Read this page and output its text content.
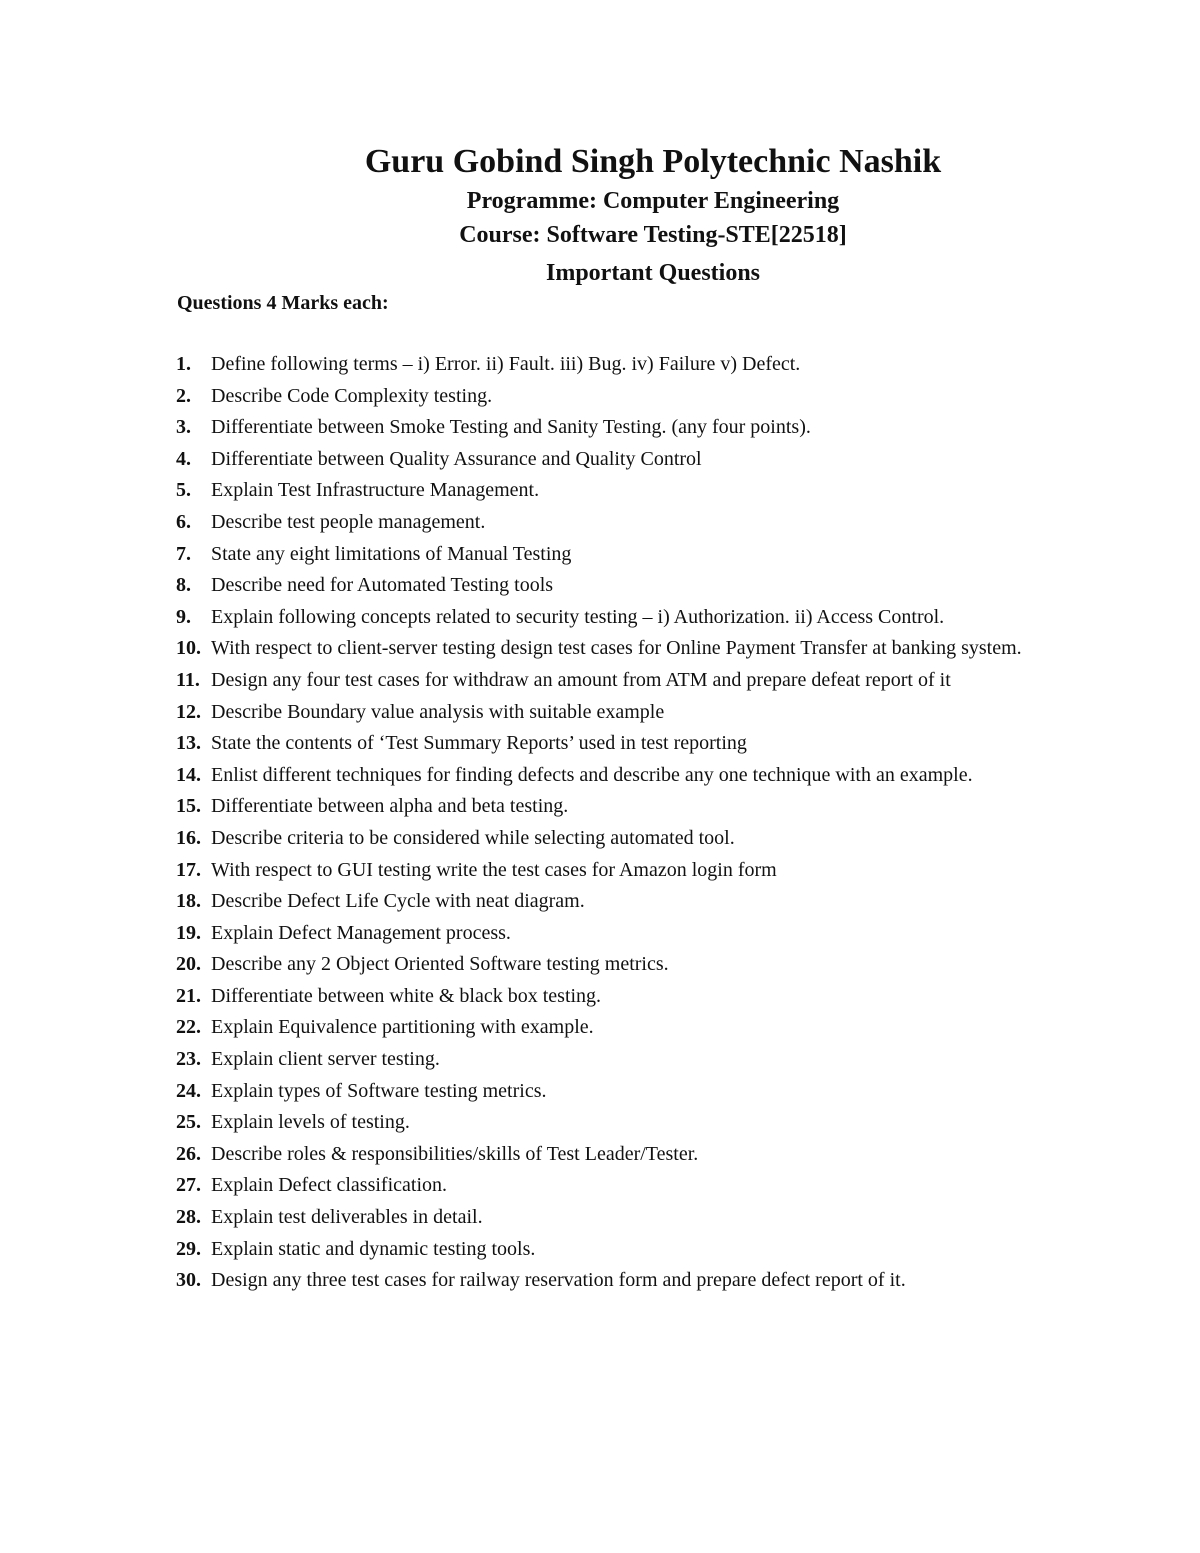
Guru Gobind Singh Polytechnic Nashik

Programme: Computer Engineering

Course: Software Testing-STE[22518]

Important Questions

Questions 4 Marks each:

1.	Define following terms – i) Error. ii) Fault. iii) Bug. iv) Failure v) Defect.
2.	Describe Code Complexity testing.
3.	Differentiate between Smoke Testing and Sanity Testing. (any four points).
4.	Differentiate between Quality Assurance and Quality Control
5.	Explain Test Infrastructure Management.
6.	Describe test people management.
7.	State any eight limitations of Manual Testing
8.	Describe need for Automated Testing tools
9.	Explain following concepts related to security testing – i) Authorization. ii) Access Control.
10. With respect to client-server testing design test cases for Online Payment Transfer at banking system.
11. Design any four test cases for withdraw an amount from ATM and prepare defeat report of it
12. Describe Boundary value analysis with suitable example
13. State the contents of ‘Test Summary Reports’ used in test reporting
14. Enlist different techniques for finding defects and describe any one technique with an example.
15. Differentiate between alpha and beta testing.
16. Describe criteria to be considered while selecting automated tool.
17. With respect to GUI testing write the test cases for Amazon login form
18. Describe Defect Life Cycle with neat diagram.
19. Explain Defect Management process.
20. Describe any 2 Object Oriented Software testing metrics.
21. Differentiate between white & black box testing.
22. Explain Equivalence partitioning with example.
23. Explain client server testing.
24. Explain types of Software testing metrics.
25. Explain levels of testing.
26. Describe roles & responsibilities/skills of Test Leader/Tester.
27. Explain Defect classification.
28. Explain test deliverables in detail.
29. Explain static and dynamic testing tools.
30. Design any three test cases for railway reservation form and prepare defect report of it.
